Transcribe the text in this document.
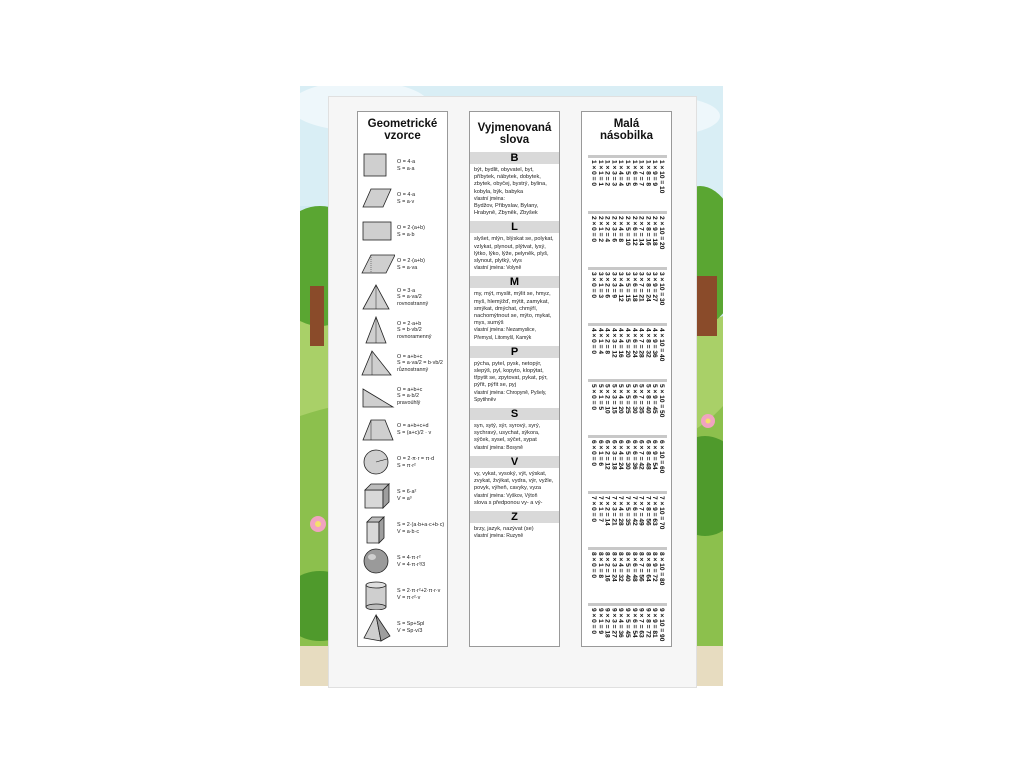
Geometrické
vzorce
O = 4·a
S = a·a
O = 4·a
S = a·v
O = 2·(a+b)
S = a·b
O = 2·(a+b)
S = a·va
O = 3·a
S = a·va/2
rovnostranný
O = 2·a+b
S = b·vb/2
rovnoramenný
O = a+b+c
S = a·va/2 = b·vb/2
různostranný
O = a+b+c
S = a·b/2
pravoúhlý
O = a+b+c+d
S = (a+c)/2 · v
O = 2·π·r = π·d
S = π·r²
S = 6·a²
V = a³
S = 2·(a·b+a·c+b·c)
V = a·b·c
S = 4·π·r²
V = 4·π·r³/3
S = 2·π·r²+2·π·r·v
V = π·r²·v
S = Sp+Spl
V = Sp·v/3
Vyjmenovaná
slova
B
být, bydlit, obyvatel, byt, příbytek, nábytek, dobytek, zbytek, obyčej, bystrý, bylina, kobyla, býk, babyka
vlastní jména:
Bydžov, Přibyslav, Bylany, Hrabyně, Zbyněk, Zbyšek
L
slyšet, mlýn, blýskat se, polykat, vzlykat, plynout, plýtvat, lysý, lýtko, lýko, lýže, pelyněk, plyš, slynout, plytký, vlys
vlastní jména: Volyně
M
my, mýt, myslit, mýlit se, hmyz, myš, hlemýžď, mýtit, zamykat, smýkat, dmýchat, chmýří, nachomýtnout se, mýto, mykat, mys, sumýš
vlastní jména: Nezamyslice, Přemysl, Litomyšl, Kamýk
P
pýcha, pytel, pysk, netopýr, slepýš, pyl, kopyto, klopýtat, třpytit se, zpytovat, pykat, pýr, pýřit, pýřit se, pyj
vlastní jména: Chropyně, Pyšely, Spytihněv
S
syn, sytý, sýr, syrový, syrý, sychravý, usychat, sýkora, sýček, sysel, sýčet, sypat
vlastní jména: Bosyně
V
vy, vykat, vysoký, výt, výskat, zvykat, žvýkat, vydra, výr, vyžle, povyk, výheň, cavyky, vyza
vlastní jména: Vyškov, Výtoň
slova s předponou vy- a vý-
Z
brzy, jazyk, nazývat (se)
vlastní jména: Ruzyně
Malá
násobilka
1 × 0 = 0 1 × 1 = 1 1 × 2 = 2 1 × 3 = 3 1 × 4 = 4 1 × 5 = 5 1 × 6 = 6 1 × 7 = 7 1 × 8 = 8 1 × 9 = 9 1 × 10 = 10
2 × 0 = 0 2 × 1 = 2 2 × 2 = 4 2 × 3 = 6 2 × 4 = 8 2 × 5 = 10 2 × 6 = 12 2 × 7 = 14 2 × 8 = 16 2 × 9 = 18 2 × 10 = 20
3 × 0 = 0 3 × 1 = 3 3 × 2 = 6 3 × 3 = 9 3 × 4 = 12 3 × 5 = 15 3 × 6 = 18 3 × 7 = 21 3 × 8 = 24 3 × 9 = 27 3 × 10 = 30
4 × 0 = 0 4 × 1 = 4 4 × 2 = 8 4 × 3 = 12 4 × 4 = 16 4 × 5 = 20 4 × 6 = 24 4 × 7 = 28 4 × 8 = 32 4 × 9 = 36 4 × 10 = 40
5 × 0 = 0 5 × 1 = 5 5 × 2 = 10 5 × 3 = 15 5 × 4 = 20 5 × 5 = 25 5 × 6 = 30 5 × 7 = 35 5 × 8 = 40 5 × 9 = 45 5 × 10 = 50
6 × 0 = 0 6 × 1 = 6 6 × 2 = 12 6 × 3 = 18 6 × 4 = 24 6 × 5 = 30 6 × 6 = 36 6 × 7 = 42 6 × 8 = 48 6 × 9 = 54 6 × 10 = 60
7 × 0 = 0 7 × 1 = 7 7 × 2 = 14 7 × 3 = 21 7 × 4 = 28 7 × 5 = 35 7 × 6 = 42 7 × 7 = 49 7 × 8 = 56 7 × 9 = 63 7 × 10 = 70
8 × 0 = 0 8 × 1 = 8 8 × 2 = 16 8 × 3 = 24 8 × 4 = 32 8 × 5 = 40 8 × 6 = 48 8 × 7 = 56 8 × 8 = 64 8 × 9 = 72 8 × 10 = 80
9 × 0 = 0 9 × 1 = 9 9 × 2 = 18 9 × 3 = 27 9 × 4 = 36 9 × 5 = 45 9 × 6 = 54 9 × 7 = 63 9 × 8 = 72 9 × 9 = 81 9 × 10 = 90
